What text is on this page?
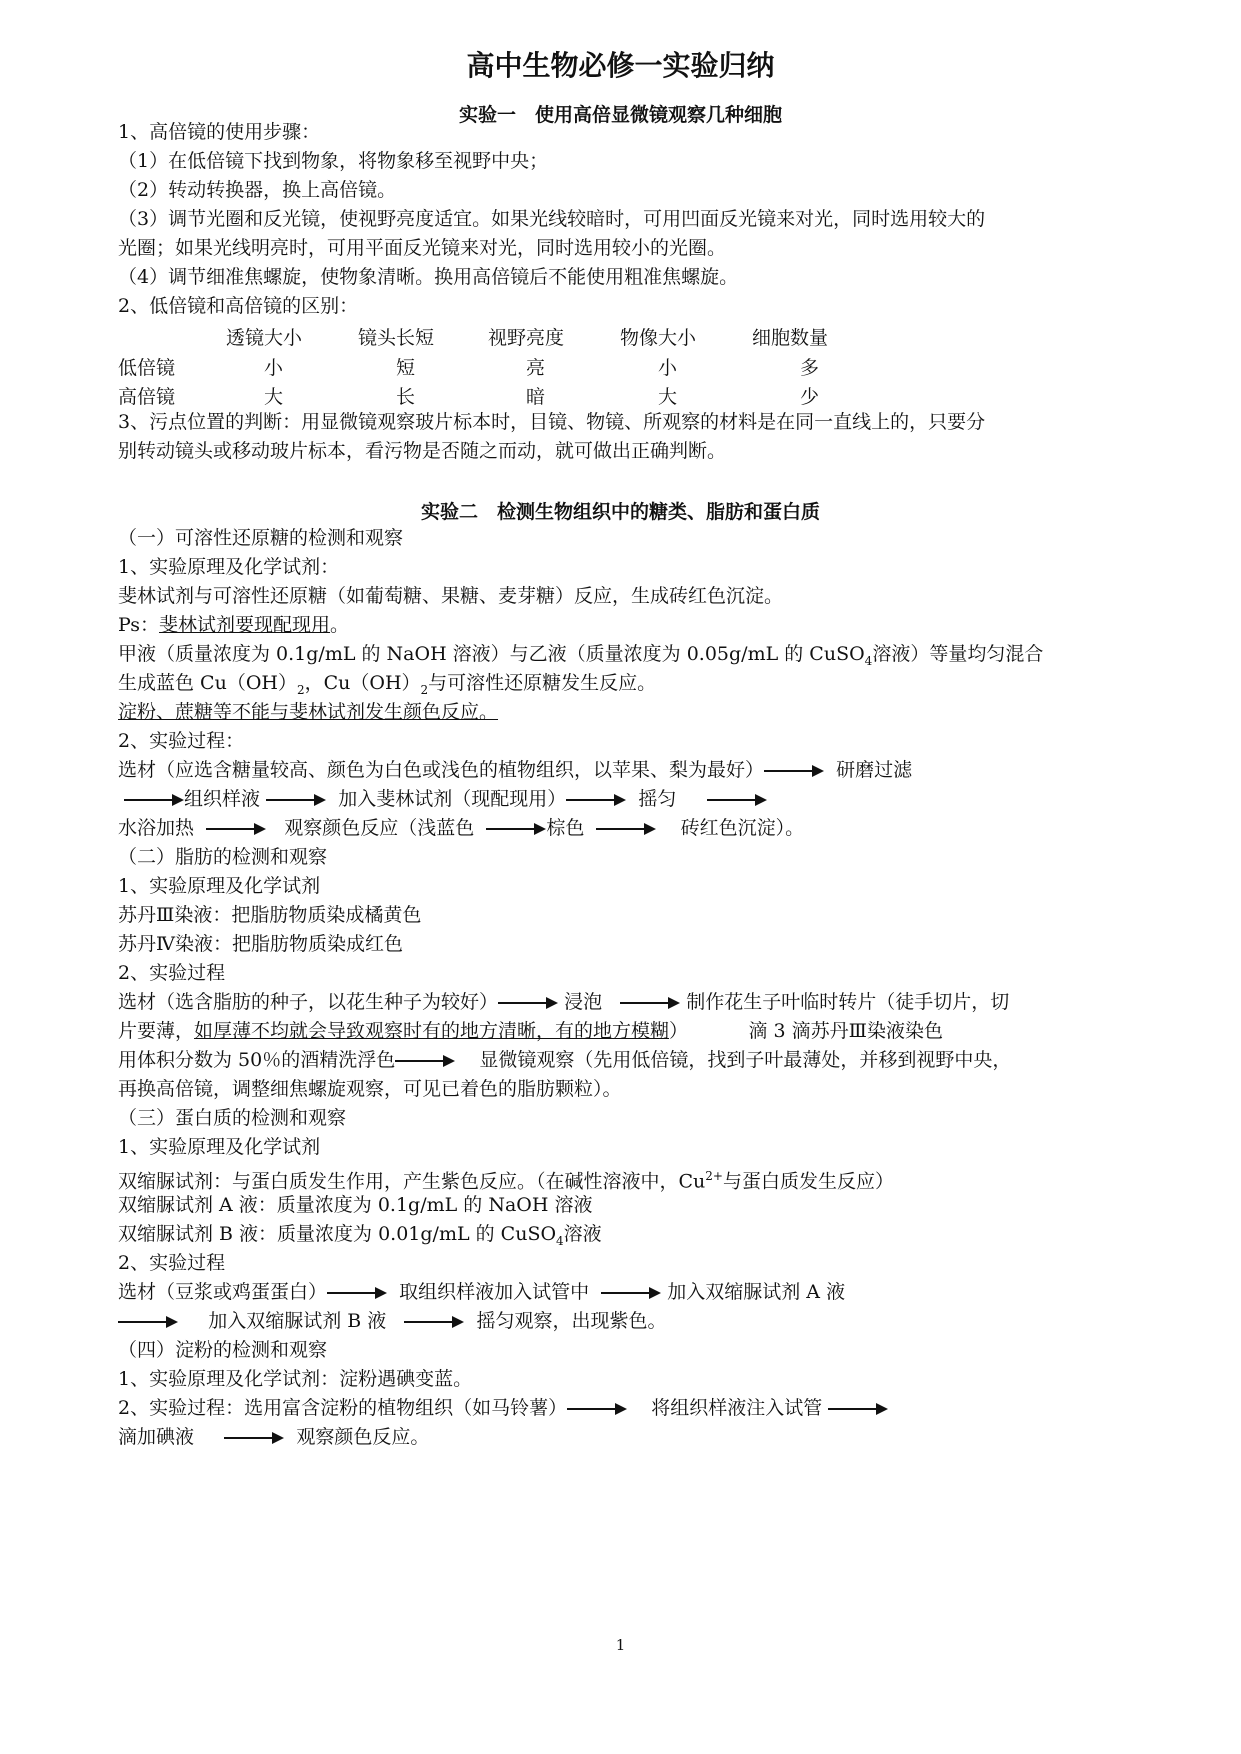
高中生物必修一实验归纳
实验一　使用高倍显微镜观察几种细胞
1、高倍镜的使用步骤：
（1）在低倍镜下找到物象，将物象移至视野中央；
（2）转动转换器，换上高倍镜。
（3）调节光圈和反光镜，使视野亮度适宜。如果光线较暗时，可用凹面反光镜来对光，同时选用较大的
光圈；如果光线明亮时，可用平面反光镜来对光，同时选用较小的光圈。
（4）调节细准焦螺旋，使物象清晰。换用高倍镜后不能使用粗准焦螺旋。
2、低倍镜和高倍镜的区别：
透镜大小	镜头长短	视野亮度	物像大小	细胞数量
低倍镜	小	短	亮	小	多
高倍镜	大	长	暗	大	少
3、污点位置的判断：用显微镜观察玻片标本时，目镜、物镜、所观察的材料是在同一直线上的，只要分
别转动镜头或移动玻片标本，看污物是否随之而动，就可做出正确判断。
实验二　检测生物组织中的糖类、脂肪和蛋白质
（一）可溶性还原糖的检测和观察
1、实验原理及化学试剂：
斐林试剂与可溶性还原糖（如葡萄糖、果糖、麦芽糖）反应，生成砖红色沉淀。
Ps：斐林试剂要现配现用。
甲液（质量浓度为 0.1g/mL 的 NaOH 溶液）与乙液（质量浓度为 0.05g/mL 的 CuSO$_4$溶液）等量均匀混合
生成蓝色 $Cu(OH)_2$，$Cu(OH)_2$与可溶性还原糖发生反应。
淀粉、蔗糖等不能与斐林试剂发生颜色反应。
2、实验过程：
选材（应选含糖量较高、颜色为白色或浅色的植物组织，以苹果、梨为最好）	研磨过滤
组织样液	加入斐林试剂（现配现用）	摇匀
水浴加热	观察颜色反应（浅蓝色	棕色	砖红色沉淀）。
（二）脂肪的检测和观察
1、实验原理及化学试剂
苏丹Ⅲ染液：把脂肪物质染成橘黄色
苏丹Ⅳ染液：把脂肪物质染成红色
2、实验过程
选材（选含脂肪的种子，以花生种子为较好）	浸泡	制作花生子叶临时转片（徒手切片，切
片要薄，如厚薄不均就会导致观察时有的地方清晰，有的地方模糊）	滴 3 滴苏丹Ⅲ染液染色
用体积分数为 50％的酒精洗浮色	显微镜观察（先用低倍镜，找到子叶最薄处，并移到视野中央，
再换高倍镜，调整细焦螺旋观察，可见已着色的脂肪颗粒）。
（三）蛋白质的检测和观察
1、实验原理及化学试剂
双缩脲试剂：与蛋白质发生作用，产生紫色反应。（在碱性溶液中，$Cu^{2+}$与蛋白质发生反应）
双缩脲试剂 A 液：质量浓度为 0.1g/mL 的 NaOH 溶液
双缩脲试剂 B 液：质量浓度为 0.01g/mL 的 CuSO$_4$溶液
2、实验过程
选材（豆浆或鸡蛋蛋白）	取组织样液加入试管中	加入双缩脲试剂 A 液
加入双缩脲试剂 B 液	摇匀观察，出现紫色。
（四）淀粉的检测和观察
1、实验原理及化学试剂：淀粉遇碘变蓝。
2、实验过程：选用富含淀粉的植物组织（如马铃薯）	将组织样液注入试管
滴加碘液	观察颜色反应。
1
